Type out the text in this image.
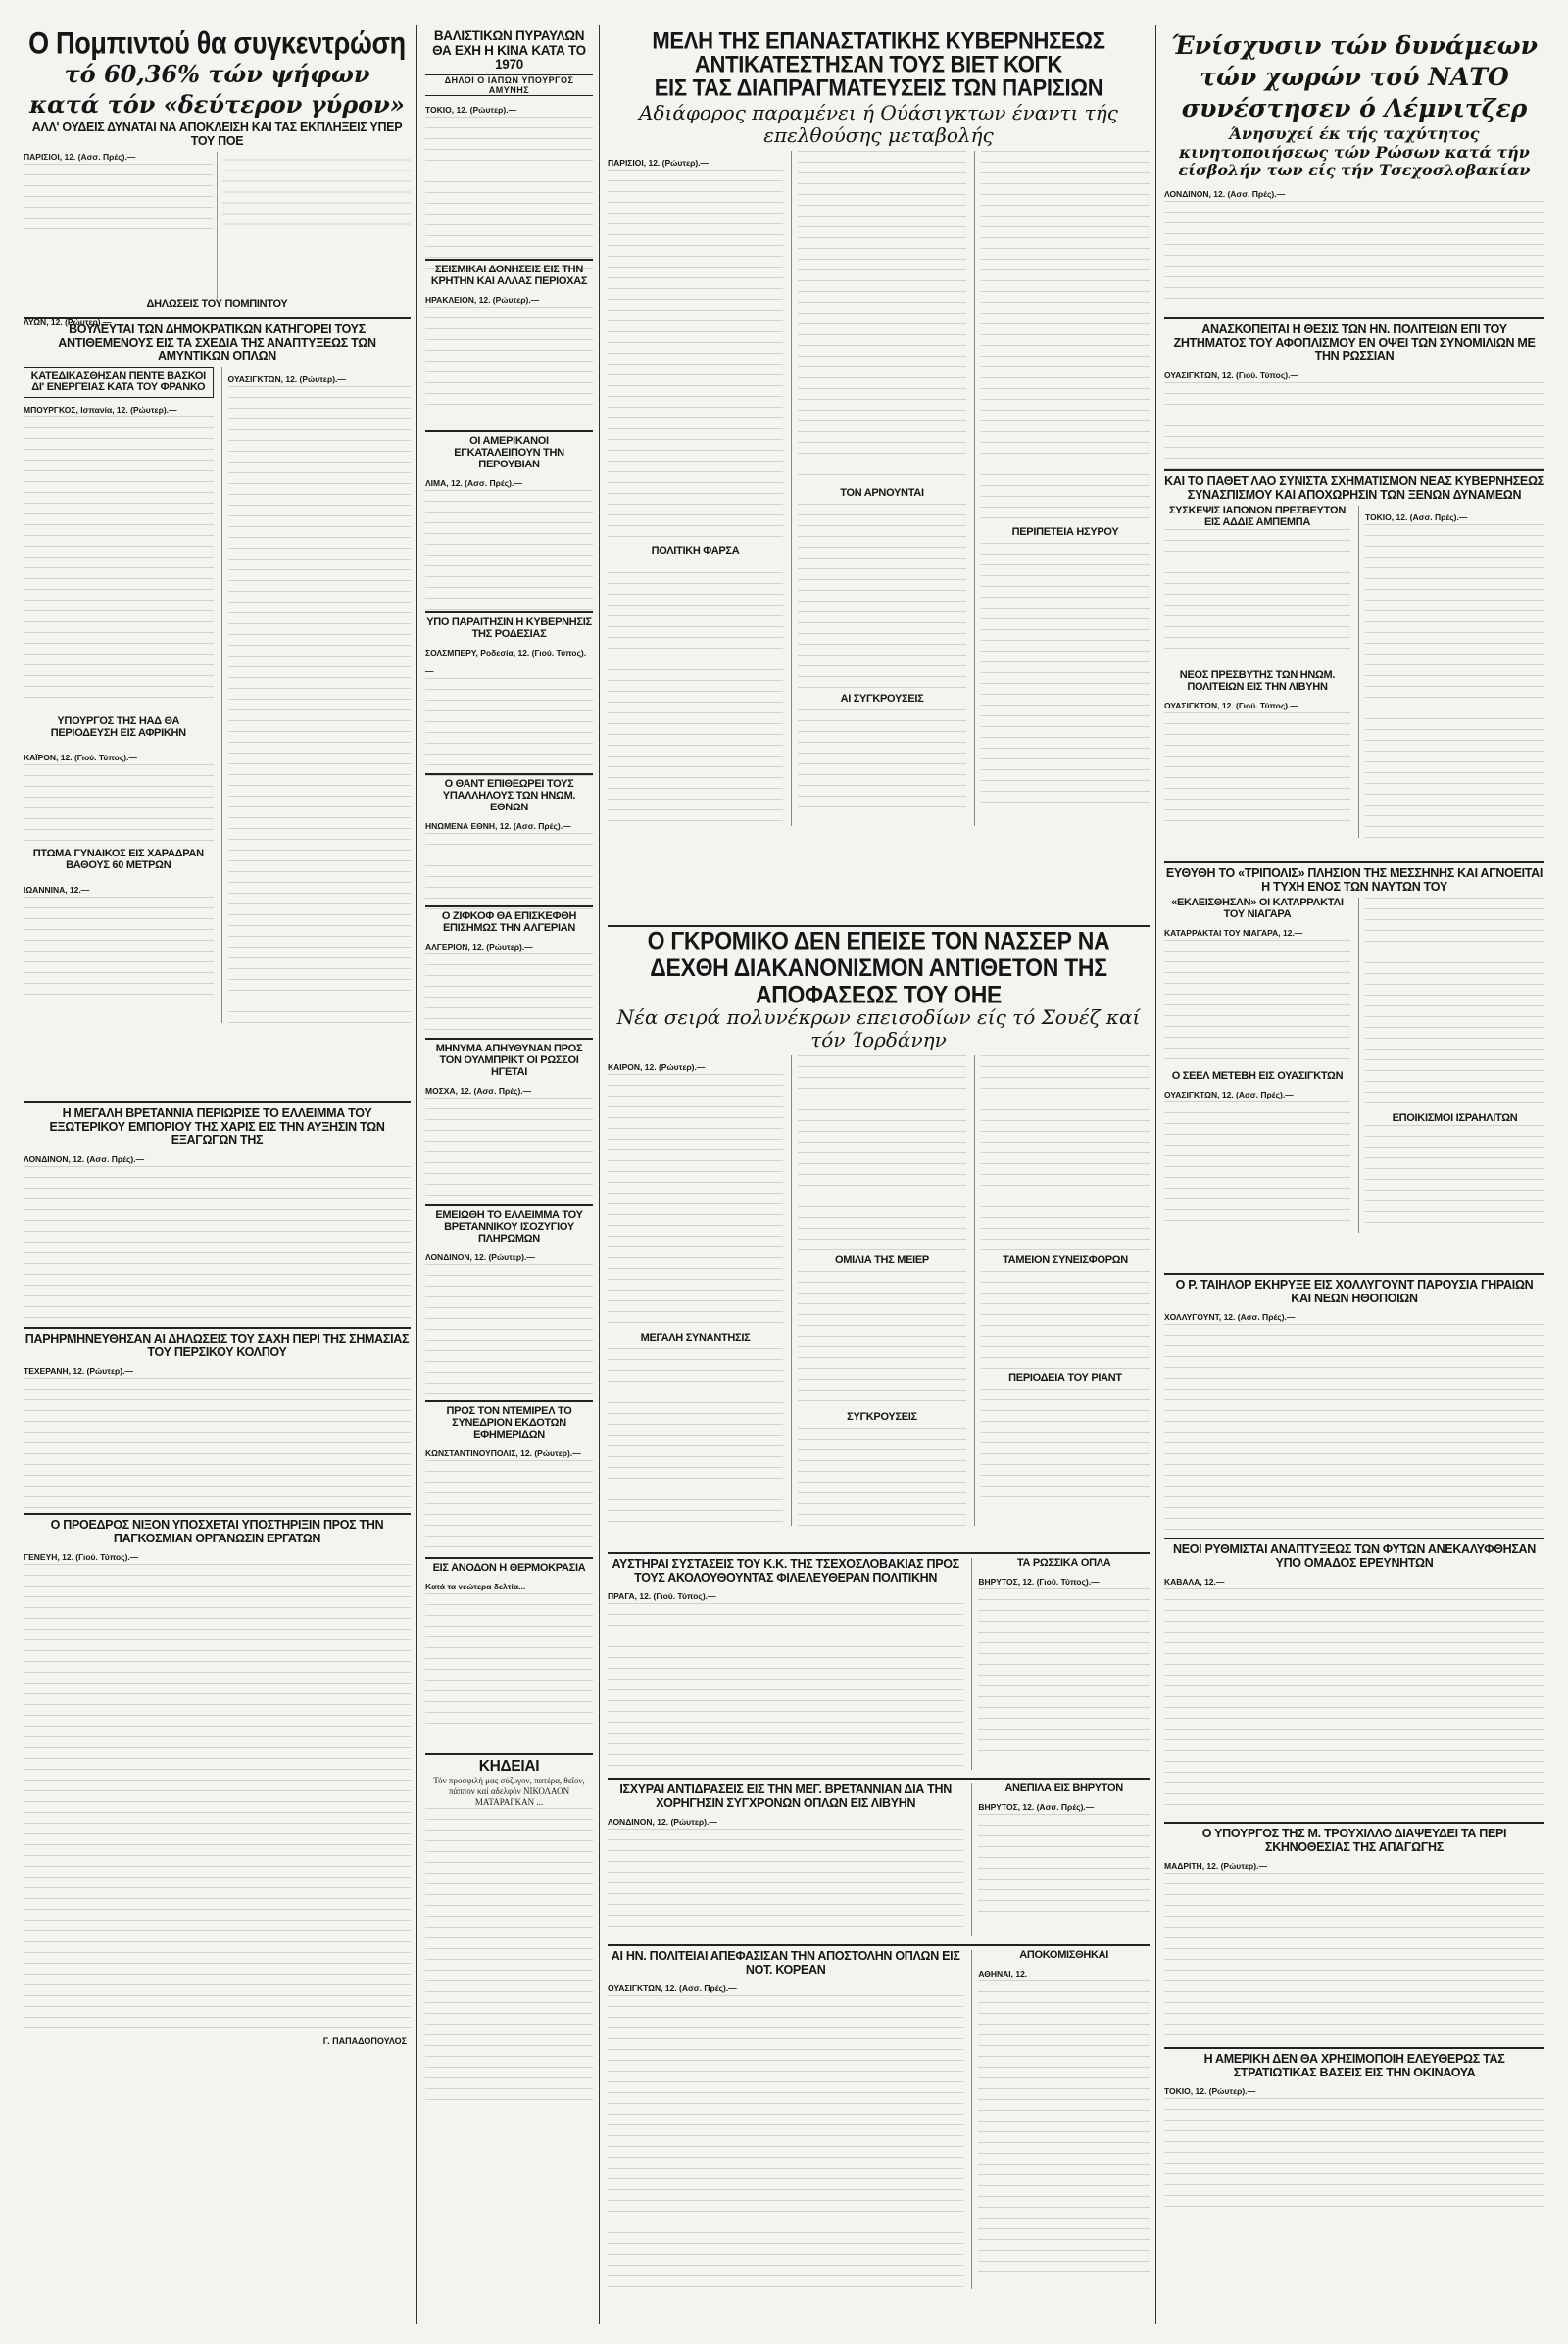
Ο Πομπιντού θα συγκεντρώση
τό 60,36% τών ψήφων
κατά τόν «δεύτερον γύρον»
ΑΛΛ' ΟΥΔΕΙΣ ΔΥΝΑΤΑΙ ΝΑ ΑΠΟΚΛΕΙΣΗ ΚΑΙ ΤΑΣ ΕΚΠΛΗΞΕΙΣ ΥΠΕΡ ΤΟΥ ΠΟΕ
ΠΑΡΙΣΙΟΙ, 12. (Ασσ. Πρές).—
ΔΗΛΩΣΕΙΣ ΤΟΥ ΠΟΜΠΙΝΤΟΥ
ΛΥΩΝ, 12. (Ρώυτερ).—
ΒΟΥΛΕΥΤΑΙ ΤΩΝ ΔΗΜΟΚΡΑΤΙΚΩΝ ΚΑΤΗΓΟΡΕΙ ΤΟΥΣ ΑΝΤΙΘΕΜΕΝΟΥΣ ΕΙΣ ΤΑ ΣΧΕΔΙΑ ΤΗΣ ΑΝΑΠΤΥΞΕΩΣ ΤΩΝ ΑΜΥΝΤΙΚΩΝ ΟΠΛΩΝ
ΚΑΤΕΔΙΚΑΣΘΗΣΑΝ ΠΕΝΤΕ ΒΑΣΚΟΙ ΔΙ' ΕΝΕΡΓΕΙΑΣ ΚΑΤΑ ΤΟΥ ΦΡΑΝΚΟ
ΜΠΟΥΡΓΚΟΣ, Ισπανία, 12. (Ρώυτερ).—
ΥΠΟΥΡΓΟΣ ΤΗΣ ΗΑΔ ΘΑ ΠΕΡΙΟΔΕΥΣΗ ΕΙΣ ΑΦΡΙΚΗΝ
ΚΑΪΡΟΝ, 12. (Γιού. Τύπος).—
ΠΤΩΜΑ ΓΥΝΑΙΚΟΣ ΕΙΣ ΧΑΡΑΔΡΑΝ ΒΑΘΟΥΣ 60 ΜΕΤΡΩΝ
ΙΩΑΝΝΙΝΑ, 12.—
ΟΥΑΣΙΓΚΤΩΝ, 12. (Ρώυτερ).—
Η ΜΕΓΑΛΗ ΒΡΕΤΑΝΝΙΑ ΠΕΡΙΩΡΙΣΕ ΤΟ ΕΛΛΕΙΜΜΑ ΤΟΥ ΕΞΩΤΕΡΙΚΟΥ ΕΜΠΟΡΙΟΥ ΤΗΣ ΧΑΡΙΣ ΕΙΣ ΤΗΝ ΑΥΞΗΣΙΝ ΤΩΝ ΕΞΑΓΩΓΩΝ ΤΗΣ
ΛΟΝΔΙΝΟΝ, 12. (Ασσ. Πρές).—
ΠΑΡΗΡΜΗΝΕΥΘΗΣΑΝ ΑΙ ΔΗΛΩΣΕΙΣ ΤΟΥ ΣΑΧΗ ΠΕΡΙ ΤΗΣ ΣΗΜΑΣΙΑΣ ΤΟΥ ΠΕΡΣΙΚΟΥ ΚΟΛΠΟΥ
ΤΕΧΕΡΑΝΗ, 12. (Ρώυτερ).—
Ο ΠΡΟΕΔΡΟΣ ΝΙΞΟΝ ΥΠΟΣΧΕΤΑΙ ΥΠΟΣΤΗΡΙΞΙΝ ΠΡΟΣ ΤΗΝ ΠΑΓΚΟΣΜΙΑΝ ΟΡΓΑΝΩΣΙΝ ΕΡΓΑΤΩΝ
ΓΕΝΕΥΗ, 12. (Γιού. Τύπος).—
Γ. ΠΑΠΑΔΟΠΟΥΛΟΣ
ΒΑΛΙΣΤΙΚΩΝ ΠΥΡΑΥΛΩΝ ΘΑ ΕΧΗ Η ΚΙΝΑ ΚΑΤΑ ΤΟ 1970
ΔΗΛΟΙ Ο ΙΑΠΩΝ ΥΠΟΥΡΓΟΣ ΑΜΥΝΗΣ
ΤΟΚΙΟ, 12. (Ρώυτερ).—
ΣΕΙΣΜΙΚΑΙ ΔΟΝΗΣΕΙΣ ΕΙΣ ΤΗΝ ΚΡΗΤΗΝ ΚΑΙ ΑΛΛΑΣ ΠΕΡΙΟΧΑΣ
ΗΡΑΚΛΕΙΟΝ, 12. (Ρώυτερ).—
ΟΙ ΑΜΕΡΙΚΑΝΟΙ ΕΓΚΑΤΑΛΕΙΠΟΥΝ ΤΗΝ ΠΕΡΟΥΒΙΑΝ
ΛΙΜΑ, 12. (Ασσ. Πρές).—
ΥΠΟ ΠΑΡΑΙΤΗΣΙΝ Η ΚΥΒΕΡΝΗΣΙΣ ΤΗΣ ΡΟΔΕΣΙΑΣ
ΣΟΛΣΜΠΕΡΥ, Ροδεσία, 12. (Γιού. Τύπος).—
Ο ΘΑΝΤ ΕΠΙΘΕΩΡΕΙ ΤΟΥΣ ΥΠΑΛΛΗΛΟΥΣ ΤΩΝ ΗΝΩΜ. ΕΘΝΩΝ
ΗΝΩΜΕΝΑ ΕΘΝΗ, 12. (Ασσ. Πρές).—
Ο ΖΙΦΚΟΦ ΘΑ ΕΠΙΣΚΕΦΘΗ ΕΠΙΣΗΜΩΣ ΤΗΝ ΑΛΓΕΡΙΑΝ
ΑΛΓΕΡΙΟΝ, 12. (Ρώυτερ).—
ΜΗΝΥΜΑ ΑΠΗΥΘΥΝΑΝ ΠΡΟΣ ΤΟΝ ΟΥΛΜΠΡΙΚΤ ΟΙ ΡΩΣΣΟΙ ΗΓΕΤΑΙ
ΜΟΣΧΑ, 12. (Ασσ. Πρές).—
ΕΜΕΙΩΘΗ ΤΟ ΕΛΛΕΙΜΜΑ ΤΟΥ ΒΡΕΤΑΝΝΙΚΟΥ ΙΣΟΖΥΓΙΟΥ ΠΛΗΡΩΜΩΝ
ΛΟΝΔΙΝΟΝ, 12. (Ρώυτερ).—
ΠΡΟΣ ΤΟΝ ΝΤΕΜΙΡΕΛ ΤΟ ΣΥΝΕΔΡΙΟΝ ΕΚΔΟΤΩΝ ΕΦΗΜΕΡΙΔΩΝ
ΚΩΝΣΤΑΝΤΙΝΟΥΠΟΛΙΣ, 12. (Ρώυτερ).—
ΕΙΣ ΑΝΟΔΟΝ Η ΘΕΡΜΟΚΡΑΣΙΑ
Κατά τα νεώτερα δελτία...
ΚΗΔΕΙΑΙ
Τόν προσφιλή μας σύζυγον, πατέρα, θεΐον, πάππον καί αδελφόν ΝΙΚΟΛΑΟΝ ΜΑΤΑΡΑΓΚΑΝ ...
ΜΕΛΗ ΤΗΣ ΕΠΑΝΑΣΤΑΤΙΚΗΣ ΚΥΒΕΡΝΗΣΕΩΣ
ΑΝΤΙΚΑΤΕΣΤΗΣΑΝ ΤΟΥΣ ΒΙΕΤ ΚΟΓΚ
ΕΙΣ ΤΑΣ ΔΙΑΠΡΑΓΜΑΤΕΥΣΕΙΣ ΤΩΝ ΠΑΡΙΣΙΩΝ
Αδιάφορος παραμένει ή Ούάσιγκτων έναντι τής επελθούσης μεταβολής
ΠΑΡΙΣΙΟΙ, 12. (Ρώυτερ).—
ΠΟΛΙΤΙΚΗ ΦΑΡΣΑ
ΤΟΝ ΑΡΝΟΥΝΤΑΙ
ΑΙ ΣΥΓΚΡΟΥΣΕΙΣ
ΠΕΡΙΠΕΤΕΙΑ ΗΣΥΡΟΥ
Ο ΓΚΡΟΜΙΚΟ ΔΕΝ ΕΠΕΙΣΕ ΤΟΝ ΝΑΣΣΕΡ ΝΑ ΔΕΧΘΗ ΔΙΑΚΑΝΟΝΙΣΜΟΝ ΑΝΤΙΘΕΤΟΝ ΤΗΣ ΑΠΟΦΑΣΕΩΣ ΤΟΥ ΟΗΕ
Νέα σειρά πολυνέκρων επεισοδίων είς τό Σουέζ καί τόν Ίορδάνην
ΚΑΙΡΟΝ, 12. (Ρώυτερ).—
ΜΕΓΑΛΗ ΣΥΝΑΝΤΗΣΙΣ
ΟΜΙΛΙΑ ΤΗΣ ΜΕΙΕΡ
ΣΥΓΚΡΟΥΣΕΙΣ
ΤΑΜΕΙΟΝ ΣΥΝΕΙΣΦΟΡΩΝ
ΠΕΡΙΟΔΕΙΑ ΤΟΥ ΡΙΑΝΤ
ΑΥΣΤΗΡΑΙ ΣΥΣΤΑΣΕΙΣ ΤΟΥ Κ.Κ. ΤΗΣ ΤΣΕΧΟΣΛΟΒΑΚΙΑΣ ΠΡΟΣ ΤΟΥΣ ΑΚΟΛΟΥΘΟΥΝΤΑΣ ΦΙΛΕΛΕΥΘΕΡΑΝ ΠΟΛΙΤΙΚΗΝ
ΠΡΑΓΑ, 12. (Γιού. Τύπος).—
ΤΑ ΡΩΣΣΙΚΑ ΟΠΛΑ
ΒΗΡΥΤΟΣ, 12. (Γιού. Τύπος).—
ΙΣΧΥΡΑΙ ΑΝΤΙΔΡΑΣΕΙΣ ΕΙΣ ΤΗΝ ΜΕΓ. ΒΡΕΤΑΝΝΙΑΝ ΔΙΑ ΤΗΝ ΧΟΡΗΓΗΣΙΝ ΣΥΓΧΡΟΝΩΝ ΟΠΛΩΝ ΕΙΣ ΛΙΒΥΗΝ
ΛΟΝΔΙΝΟΝ, 12. (Ρώυτερ).—
ΑΝΕΠΙΛΑ ΕΙΣ ΒΗΡΥΤΟΝ
ΒΗΡΥΤΟΣ, 12. (Ασσ. Πρές).—
ΑΙ ΗΝ. ΠΟΛΙΤΕΙΑΙ ΑΠΕΦΑΣΙΣΑΝ ΤΗΝ ΑΠΟΣΤΟΛΗΝ ΟΠΛΩΝ ΕΙΣ ΝΟΤ. ΚΟΡΕΑΝ
ΟΥΑΣΙΓΚΤΩΝ, 12. (Ασσ. Πρές).—
ΑΠΟΚΟΜΙΣΘΗΚΑΙ
ΑΘΗΝΑΙ, 12.
Ένίσχυσιν τών δυνάμεων
τών χωρών τού ΝΑΤΟ
συνέστησεν ό Λέμνιτζερ
Άνησυχεί έκ τής ταχύτητος κινητοποιήσεως τών Ρώσων κατά τήν είσβολήν των είς τήν Τσεχοσλοβακίαν
ΛΟΝΔΙΝΟΝ, 12. (Ασσ. Πρές).—
ΑΝΑΣΚΟΠΕΙΤΑΙ Η ΘΕΣΙΣ ΤΩΝ ΗΝ. ΠΟΛΙΤΕΙΩΝ ΕΠΙ ΤΟΥ ΖΗΤΗΜΑΤΟΣ ΤΟΥ ΑΦΟΠΛΙΣΜΟΥ ΕΝ ΟΨΕΙ ΤΩΝ ΣΥΝΟΜΙΛΙΩΝ ΜΕ ΤΗΝ ΡΩΣΣΙΑΝ
ΟΥΑΣΙΓΚΤΩΝ, 12. (Γιού. Τύπος).—
ΚΑΙ ΤΟ ΠΑΘΕΤ ΛΑΟ ΣΥΝΙΣΤΑ ΣΧΗΜΑΤΙΣΜΟΝ ΝΕΑΣ ΚΥΒΕΡΝΗΣΕΩΣ ΣΥΝΑΣΠΙΣΜΟΥ ΚΑΙ ΑΠΟΧΩΡΗΣΙΝ ΤΩΝ ΞΕΝΩΝ ΔΥΝΑΜΕΩΝ
ΣΥΣΚΕΨΙΣ ΙΑΠΩΝΩΝ ΠΡΕΣΒΕΥΤΩΝ ΕΙΣ ΑΔΔΙΣ ΑΜΠΕΜΠΑ
ΝΕΟΣ ΠΡΕΣΒΥΤΗΣ ΤΩΝ ΗΝΩΜ. ΠΟΛΙΤΕΙΩΝ ΕΙΣ ΤΗΝ ΛΙΒΥΗΝ
ΟΥΑΣΙΓΚΤΩΝ, 12. (Γιού. Τύπος).—
ΤΟΚΙΟ, 12. (Ασσ. Πρές).—
ΕΥΘΥΘΗ ΤΟ «ΤΡΙΠΟΛΙΣ» ΠΛΗΣΙΟΝ ΤΗΣ ΜΕΣΣΗΝΗΣ ΚΑΙ ΑΓΝΟΕΙΤΑΙ Η ΤΥΧΗ ΕΝΟΣ ΤΩΝ ΝΑΥΤΩΝ ΤΟΥ
«ΕΚΛΕΙΣΘΗΣΑΝ» ΟΙ ΚΑΤΑΡΡΑΚΤΑΙ ΤΟΥ ΝΙΑΓΑΡΑ
ΚΑΤΑΡΡΑΚΤΑΙ ΤΟΥ ΝΙΑΓΑΡΑ, 12.—
Ο ΣΕΕΛ ΜΕΤΕΒΗ ΕΙΣ ΟΥΑΣΙΓΚΤΩΝ
ΟΥΑΣΙΓΚΤΩΝ, 12. (Ασσ. Πρές).—
ΕΠΟΙΚΙΣΜΟΙ ΙΣΡΑΗΛΙΤΩΝ
Ο Ρ. ΤΑΙΗΛΟΡ ΕΚΗΡΥΞΕ ΕΙΣ ΧΟΛΛΥΓΟΥΝΤ ΠΑΡΟΥΣΙΑ ΓΗΡΑΙΩΝ ΚΑΙ ΝΕΩΝ ΗΘΟΠΟΙΩΝ
ΧΟΛΛΥΓΟΥΝΤ, 12. (Ασσ. Πρές).—
ΝΕΟΙ ΡΥΘΜΙΣΤΑΙ ΑΝΑΠΤΥΞΕΩΣ ΤΩΝ ΦΥΤΩΝ ΑΝΕΚΑΛΥΦΘΗΣΑΝ ΥΠΟ ΟΜΑΔΟΣ ΕΡΕΥΝΗΤΩΝ
ΚΑΒΑΛΑ, 12.—
Ο ΥΠΟΥΡΓΟΣ ΤΗΣ Μ. ΤΡΟΥΧΙΛΛΟ ΔΙΑΨΕΥΔΕΙ ΤΑ ΠΕΡΙ ΣΚΗΝΟΘΕΣΙΑΣ ΤΗΣ ΑΠΑΓΩΓΗΣ
ΜΑΔΡΙΤΗ, 12. (Ρώυτερ).—
Η ΑΜΕΡΙΚΗ ΔΕΝ ΘΑ ΧΡΗΣΙΜΟΠΟΙΗ ΕΛΕΥΘΕΡΩΣ ΤΑΣ ΣΤΡΑΤΙΩΤΙΚΑΣ ΒΑΣΕΙΣ ΕΙΣ ΤΗΝ ΟΚΙΝΑΟΥΑ
ΤΟΚΙΟ, 12. (Ρώυτερ).—
